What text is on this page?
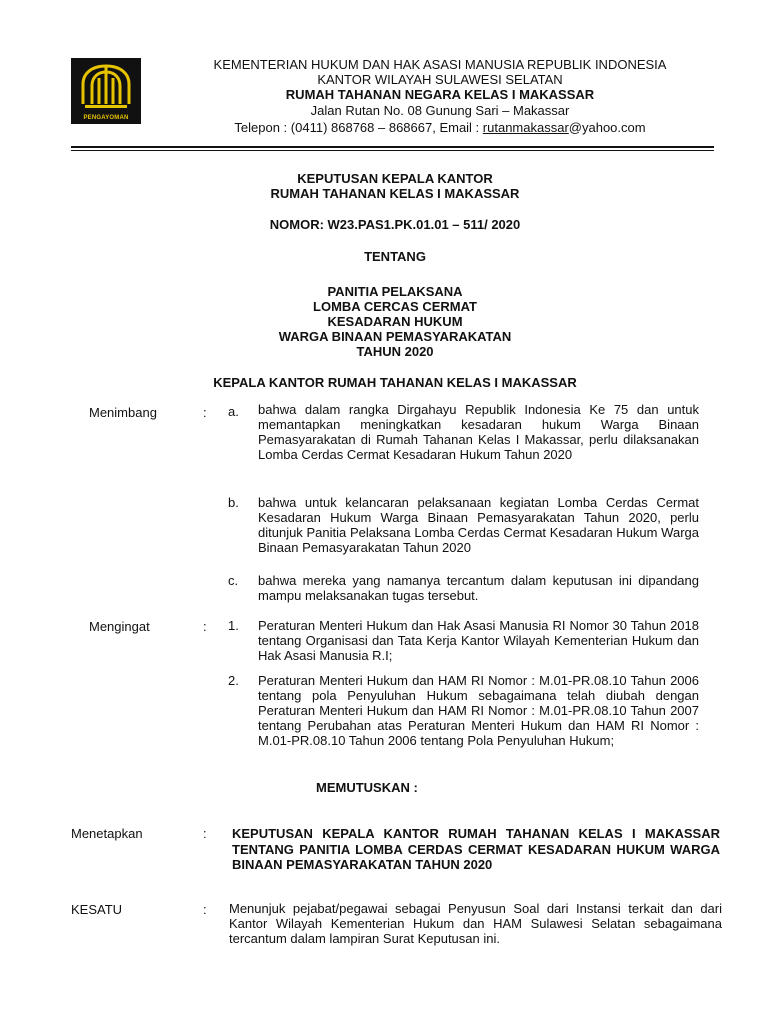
PENGAYOMAN
KEMENTERIAN HUKUM DAN HAK ASASI MANUSIA REPUBLIK INDONESIA
KANTOR WILAYAH SULAWESI SELATAN
RUMAH TAHANAN NEGARA KELAS I MAKASSAR
Jalan Rutan No. 08 Gunung Sari – Makassar
Telepon : (0411) 868768 – 868667, Email : rutanmakassar@yahoo.com
KEPUTUSAN KEPALA KANTOR
RUMAH TAHANAN KELAS I MAKASSAR
NOMOR: W23.PAS1.PK.01.01 – 511/ 2020
TENTANG
PANITIA PELAKSANA
LOMBA CERCAS CERMAT
KESADARAN HUKUM
WARGA BINAAN PEMASYARAKATAN
TAHUN 2020
KEPALA KANTOR RUMAH TAHANAN KELAS I MAKASSAR
Menimbang	: a. bahwa dalam rangka Dirgahayu Republik Indonesia Ke 75 dan untuk memantapkan meningkatkan kesadaran hukum Warga Binaan Pemasyarakatan di Rumah Tahanan Kelas I Makassar, perlu dilaksanakan Lomba Cerdas Cermat Kesadaran Hukum Tahun 2020
b. bahwa untuk kelancaran pelaksanaan kegiatan Lomba Cerdas Cermat Kesadaran Hukum Warga Binaan Pemasyarakatan Tahun 2020, perlu ditunjuk Panitia Pelaksana Lomba Cerdas Cermat Kesadaran Hukum Warga Binaan Pemasyarakatan Tahun 2020
c. bahwa mereka yang namanya tercantum dalam keputusan ini dipandang mampu melaksanakan tugas tersebut.
Mengingat	: 1. Peraturan Menteri Hukum dan Hak Asasi Manusia RI Nomor 30 Tahun 2018 tentang Organisasi dan Tata Kerja Kantor Wilayah Kementerian Hukum dan Hak Asasi Manusia R.I;
2. Peraturan Menteri Hukum dan HAM RI Nomor : M.01-PR.08.10 Tahun 2006 tentang pola Penyuluhan Hukum sebagaimana telah diubah dengan Peraturan Menteri Hukum dan HAM RI Nomor : M.01-PR.08.10 Tahun 2007 tentang Perubahan atas Peraturan Menteri Hukum dan HAM RI Nomor : M.01-PR.08.10 Tahun 2006 tentang Pola Penyuluhan Hukum;
MEMUTUSKAN :
Menetapkan	: KEPUTUSAN KEPALA KANTOR RUMAH TAHANAN KELAS I MAKASSAR TENTANG PANITIA LOMBA CERDAS CERMAT KESADARAN HUKUM WARGA BINAAN PEMASYARAKATAN TAHUN 2020
KESATU	: Menunjuk pejabat/pegawai sebagai Penyusun Soal dari Instansi terkait dan dari Kantor Wilayah Kementerian Hukum dan HAM Sulawesi Selatan sebagaimana tercantum dalam lampiran Surat Keputusan ini.
